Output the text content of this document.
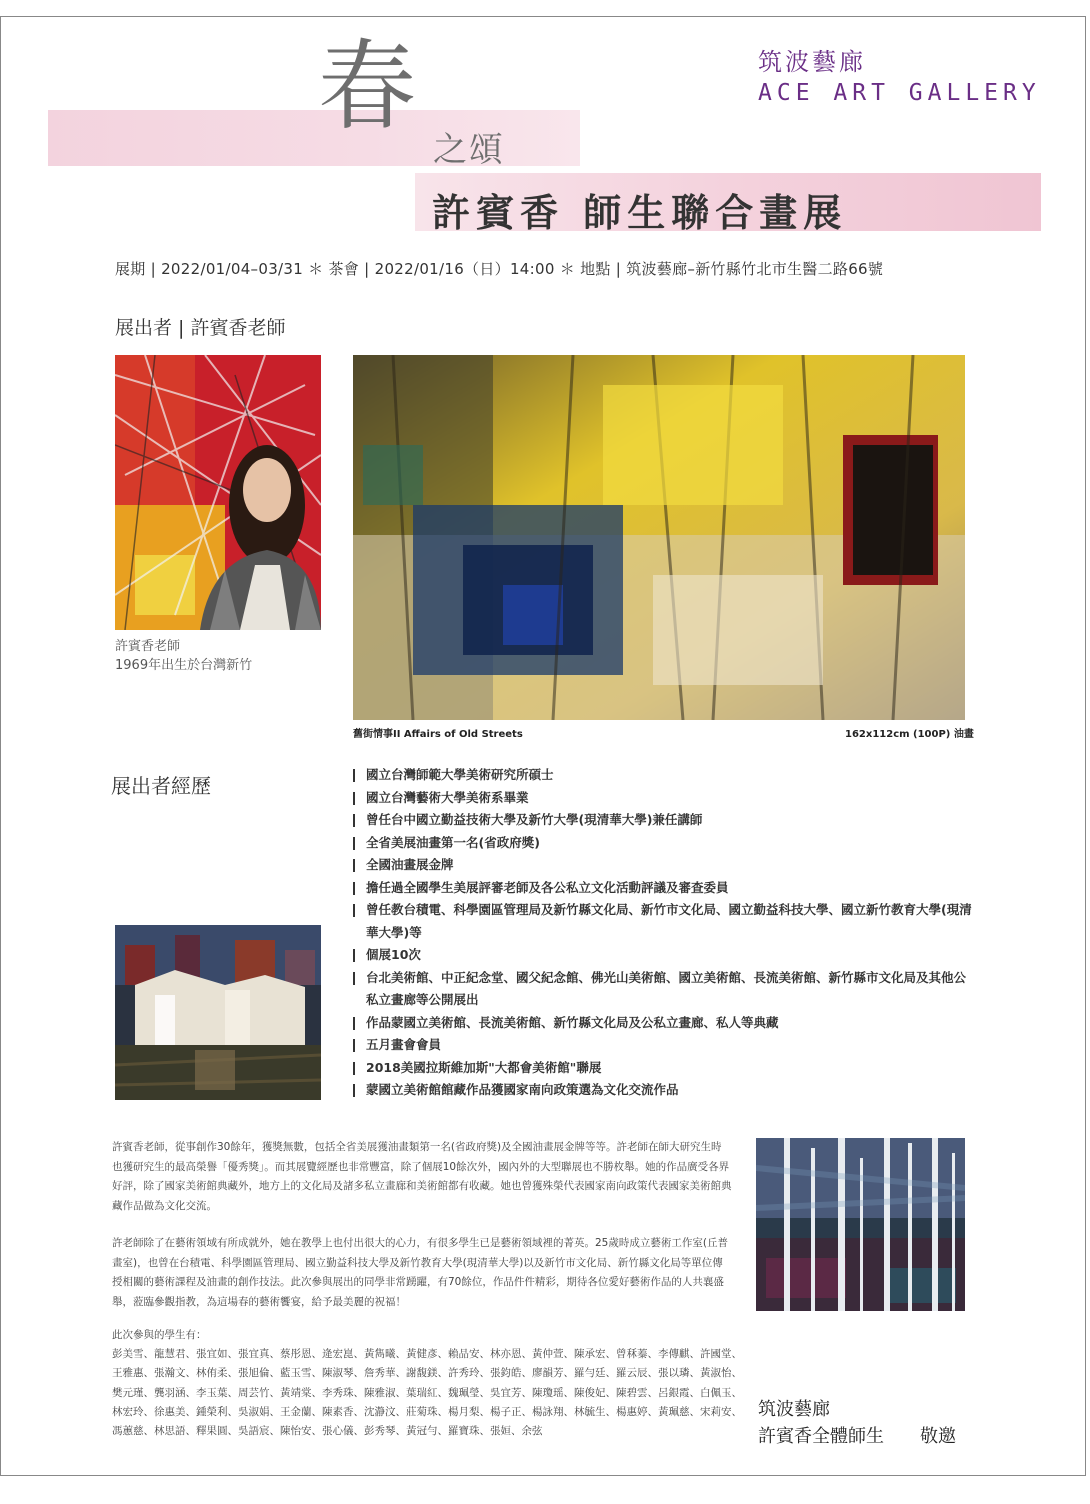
春
之頌
許賓香 師生聯合畫展
筑波藝廊
ACE ART GALLERY
展期 | 2022/01/04–03/31 ＊ 茶會 | 2022/01/16（日）14:00 ＊ 地點 | 筑波藝廊–新竹縣竹北市生醫二路66號
展出者 | 許賓香老師
許賓香老師
1969年出生於台灣新竹
舊街情事II Affairs of Old Streets	162x112cm (100P) 油畫
展出者經歷	國立台灣師範大學美術研究所碩士
國立台灣藝術大學美術系畢業
曾任台中國立勤益技術大學及新竹大學(現清華大學)兼任講師
全省美展油畫第一名(省政府獎)
全國油畫展金牌
擔任過全國學生美展評審老師及各公私立文化活動評議及審查委員
曾任教台積電、科學園區管理局及新竹縣文化局、新竹市文化局、國立勤益科技大學、國立新竹教育大學(現清華大學)等
個展10次
台北美術館、中正紀念堂、國父紀念館、佛光山美術館、國立美術館、長流美術館、新竹縣市文化局及其他公私立畫廊等公開展出
作品蒙國立美術館、長流美術館、新竹縣文化局及公私立畫廊、私人等典藏
五月畫會會員
2018美國拉斯維加斯"大都會美術館"聯展
蒙國立美術館館藏作品獲國家南向政策選為文化交流作品

許賓香老師，從事創作30餘年，獲獎無數，包括全省美展獲油畫類第一名(省政府獎)及全國油畫展金牌等等。許老師在師大研究生時也獲研究生的最高榮譽「優秀獎」。而其展覽經歷也非常豐富，除了個展10餘次外，國內外的大型聯展也不勝枚舉。她的作品廣受各界好評，除了國家美術館典藏外，地方上的文化局及諸多私立畫廊和美術館都有收藏。她也曾獲殊榮代表國家南向政策代表國家美術館典藏作品做為文化交流。

許老師除了在藝術領域有所成就外，她在教學上也付出很大的心力，有很多學生已是藝術領域裡的菁英。25歲時成立藝術工作室(丘普畫室)，也曾在台積電、科學園區管理局、國立勤益科技大學及新竹教育大學(現清華大學)以及新竹市文化局、新竹縣文化局等單位傳授相關的藝術課程及油畫的創作技法。此次參與展出的同學非常踴躍，有70餘位，作品件件精彩，期待各位愛好藝術作品的人共襄盛舉，蒞臨參觀指教，為這場春的藝術饗宴，給予最美麗的祝福！

此次參與的學生有：
彭美雪、龍慧君、張宜如、張宜真、蔡彤恩、逄宏崑、黃雋曦、黃健彥、賴品安、林亦恩、黃仲萱、陳承宏、曾秝蓁、李傳麒、許國堂、王雅惠、張瀚文、林侑柔、張旭倫、藍玉雪、陳淑琴、詹秀華、謝馥鎂、許秀玲、張鈞皓、廖韻芳、羅勻廷、羅云辰、張以璘、黃淑怡、樊元瑾、龔羽涵、李玉葉、周芸竹、黃靖棠、李秀珠、陳雅淑、葉瑞紅、魏珮瑩、吳宜芳、陳瓊瑶、陳俊妃、陳碧雲、呂銀霞、白佩玉、林宏玲、徐惠美、鍾榮利、吳淑娟、王金蘭、陳素香、沈瀞汶、莊菊珠、楊月梨、楊子正、楊詠翔、林毓生、楊惠婷、黃珮慈、宋莉安、馮蕙慈、林思語、釋果圓、吳語宸、陳怡安、張心儀、彭秀琴、黃冠勻、羅寶珠、張姮、余弦
筑波藝廊
許賓香全體師生　　敬邀
